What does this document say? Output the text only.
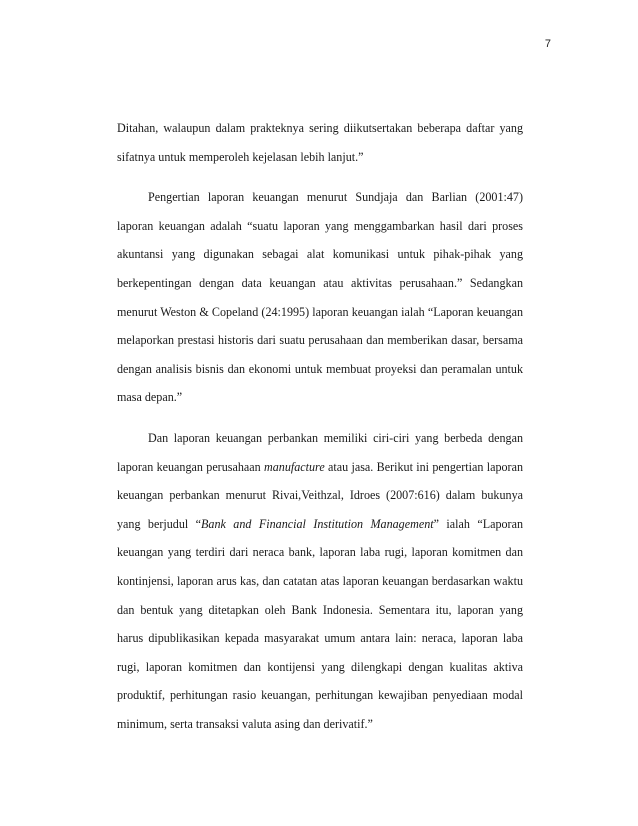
7

Ditahan, walaupun dalam prakteknya sering diikutsertakan beberapa daftar yang sifatnya untuk memperoleh kejelasan lebih lanjut.”

Pengertian laporan keuangan menurut Sundjaja dan Barlian (2001:47) laporan keuangan adalah “suatu laporan yang menggambarkan hasil dari proses akuntansi yang digunakan sebagai alat komunikasi untuk pihak-pihak yang berkepentingan dengan data keuangan atau aktivitas perusahaan.” Sedangkan menurut Weston & Copeland (24:1995) laporan keuangan ialah “Laporan keuangan melaporkan prestasi historis dari suatu perusahaan dan memberikan dasar, bersama dengan analisis bisnis dan ekonomi untuk membuat proyeksi dan peramalan untuk masa depan.”

Dan laporan keuangan perbankan memiliki ciri-ciri yang berbeda dengan laporan keuangan perusahaan manufacture atau jasa. Berikut ini pengertian laporan keuangan perbankan menurut Rivai,Veithzal, Idroes (2007:616) dalam bukunya yang berjudul “Bank and Financial Institution Management” ialah “Laporan keuangan yang terdiri dari neraca bank, laporan laba rugi, laporan komitmen dan kontinjensi, laporan arus kas, dan catatan atas laporan keuangan berdasarkan waktu dan bentuk yang ditetapkan oleh Bank Indonesia. Sementara itu, laporan yang harus dipublikasikan kepada masyarakat umum antara lain: neraca, laporan laba rugi, laporan komitmen dan kontijensi yang dilengkapi dengan kualitas aktiva produktif, perhitungan rasio keuangan, perhitungan kewajiban penyediaan modal minimum, serta transaksi valuta asing dan derivatif.”
